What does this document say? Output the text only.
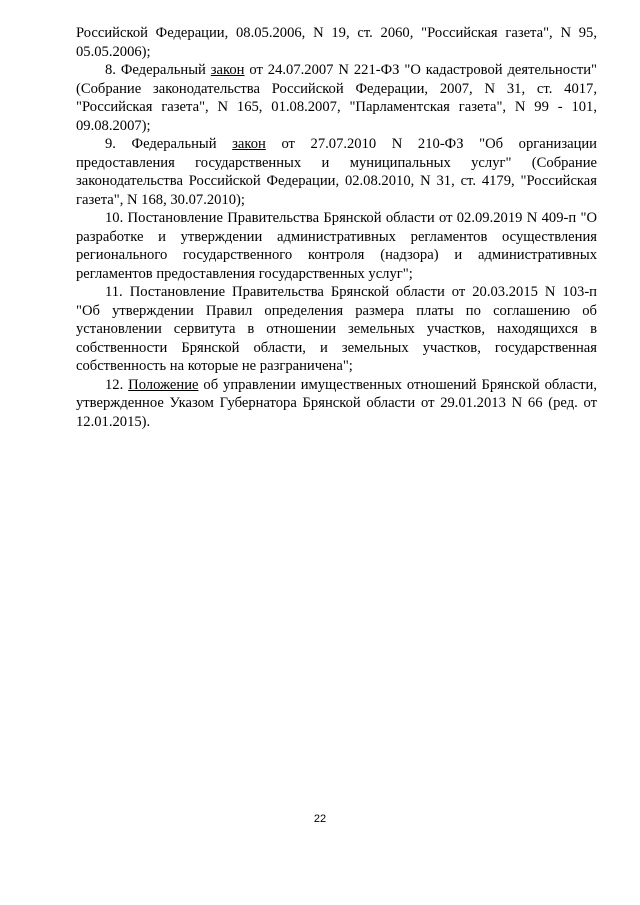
Российской Федерации, 08.05.2006, N 19, ст. 2060, "Российская газета", N 95, 05.05.2006);

8. Федеральный закон от 24.07.2007 N 221-ФЗ "О кадастровой деятельности" (Собрание законодательства Российской Федерации, 2007, N 31, ст. 4017, "Российская газета", N 165, 01.08.2007, "Парламентская газета", N 99 - 101, 09.08.2007);

9. Федеральный закон от 27.07.2010 N 210-ФЗ "Об организации предоставления государственных и муниципальных услуг" (Собрание законодательства Российской Федерации, 02.08.2010, N 31, ст. 4179, "Российская газета", N 168, 30.07.2010);

10. Постановление Правительства Брянской области от 02.09.2019 N 409-п "О разработке и утверждении административных регламентов осуществления регионального государственного контроля (надзора) и административных регламентов предоставления государственных услуг";

11. Постановление Правительства Брянской области от 20.03.2015 N 103-п "Об утверждении Правил определения размера платы по соглашению об установлении сервитута в отношении земельных участков, находящихся в собственности Брянской области, и земельных участков, государственная собственность на которые не разграничена";

12. Положение об управлении имущественных отношений Брянской области, утвержденное Указом Губернатора Брянской области от 29.01.2013 N 66 (ред. от 12.01.2015).

22
